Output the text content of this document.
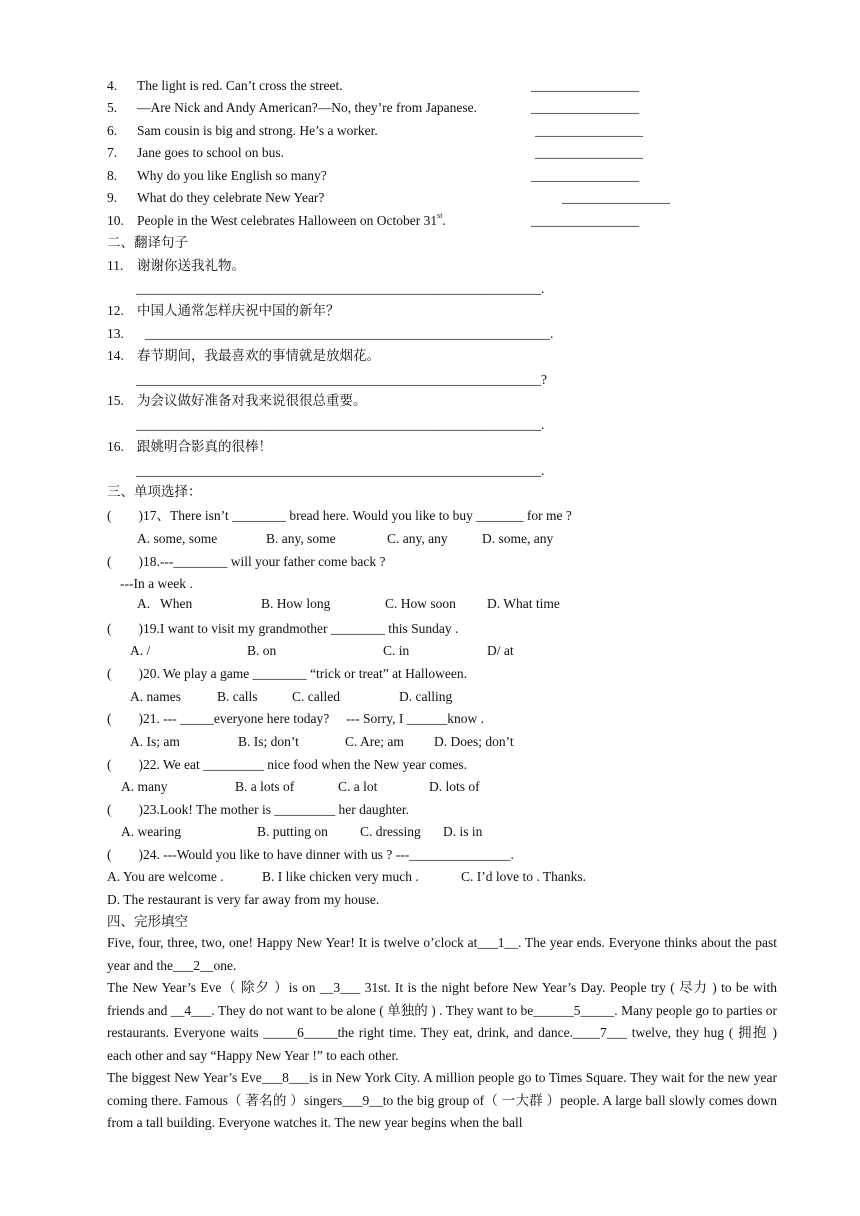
4. The light is red. Can’t cross the street.	________________
5. —Are Nick and Andy American?—No, they’re from Japanese.	________________
6. Sam cousin is big and strong. He’s a worker.	________________
7. Jane goes to school on bus.	________________
8. Why do you like English so many?	________________
9. What do they celebrate New Year?	________________
10. People in the West celebrates Halloween on October 31st.	________________
二、翻译句子
11. 谢谢你送我礼物。
____________________________________________________________.
12. 中国人通常怎样庆祝中国的新年？
13. ____________________________________________________________.
14. 春节期间，我最喜欢的事情就是放烟花。
____________________________________________________________?
15. 为会议做好准备对我来说很很总重要。
____________________________________________________________.
16. 跟姚明合影真的很棒！
____________________________________________________________.
三、单项选择：
(        )17、There isn’t ________ bread here. Would you like to buy _______ for me ?
A. some, some	B. any, some	C. any, any	D. some, any
(        )18.---________ will your father come back ?
---In a week .
A.   When	B. How long	C. How soon D. What time
(        )19.I want to visit my grandmother ________ this Sunday .
A. /	B. on	C. in	D/ at
(        )20. We play a game ________ “trick or treat” at Halloween.
A. names	B. calls	C. called	D. calling
(        )21. --- _____everyone here today?     --- Sorry, I ______know .
A. Is; am	B. Is; don’t	C. Are; am D. Does; don’t
(        )22. We eat _________ nice food when the New year comes.
A. many	B. a lots of	C. a lot	D. lots of
(        )23.Look! The mother is _________ her daughter.
A. wearing	B. putting on C. dressing D. is in
(        )24. ---Would you like to have dinner with us ? ---_______________.
A. You are welcome .	B. I like chicken very much .	C. I’d love to . Thanks.
D. The restaurant is very far away from my house.
四、完形填空
Five, four, three, two, one! Happy New Year! It is twelve o’clock at___1__. The year ends. Everyone thinks about the past year and the___2__one.
The New Year’s Eve（ 除夕 ）is on __3___ 31st. It is the night before New Year’s Day. People try ( 尽力 ) to be with friends and __4___. They do not want to be alone ( 单独的 ) . They want to be______5_____. Many people go to parties or restaurants. Everyone waits _____6_____the right time. They eat, drink, and dance.____7___ twelve, they hug ( 拥抱 ) each other and say “Happy New Year !” to each other.
The biggest New Year’s Eve___8___is in New York City. A million people go to Times Square. They wait for the new year coming there. Famous（ 著名的 ）singers___9__to the big group of（ 一大群 ）people. A large ball slowly comes down from a tall building. Everyone watches it. The new year begins when the ball
